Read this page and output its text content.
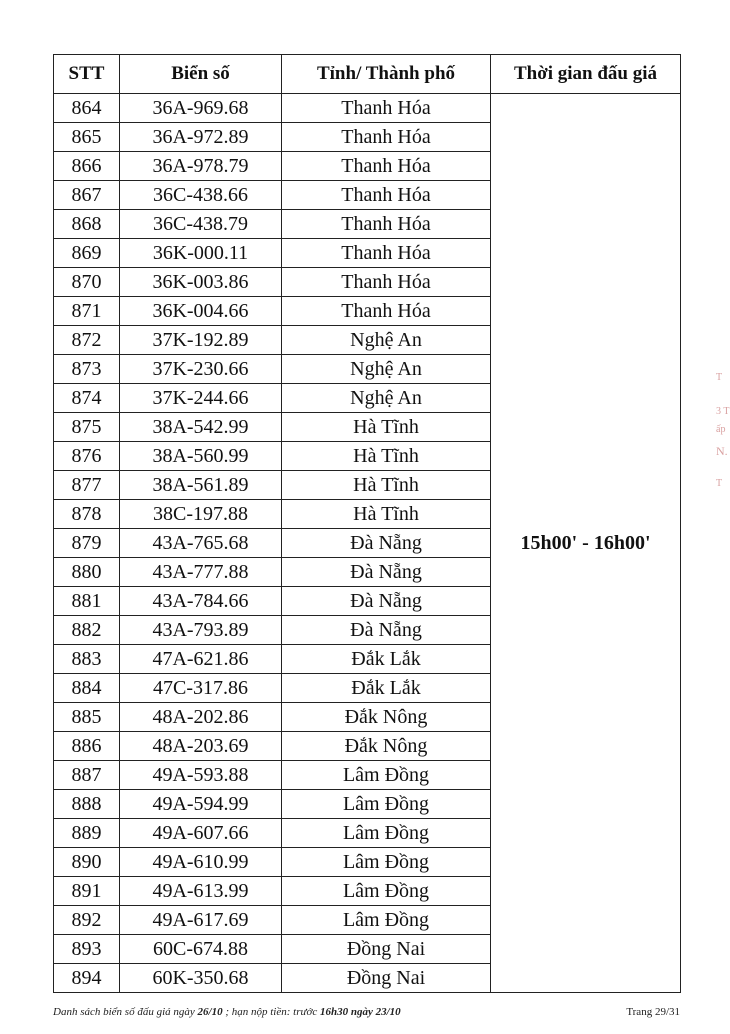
STT	Biển số	Tỉnh/ Thành phố	Thời gian đấu giá
864	36A-969.68	Thanh Hóa	15h00' - 16h00'
865	36A-972.89	Thanh Hóa	
866	36A-978.79	Thanh Hóa	
867	36C-438.66	Thanh Hóa	
868	36C-438.79	Thanh Hóa	
869	36K-000.11	Thanh Hóa	
870	36K-003.86	Thanh Hóa	
871	36K-004.66	Thanh Hóa	
872	37K-192.89	Nghệ An	
873	37K-230.66	Nghệ An	
874	37K-244.66	Nghệ An	
875	38A-542.99	Hà Tĩnh	
876	38A-560.99	Hà Tĩnh	
877	38A-561.89	Hà Tĩnh	
878	38C-197.88	Hà Tĩnh	
879	43A-765.68	Đà Nẵng	
880	43A-777.88	Đà Nẵng	
881	43A-784.66	Đà Nẵng	
882	43A-793.89	Đà Nẵng	
883	47A-621.86	Đắk Lắk	
884	47C-317.86	Đắk Lắk	
885	48A-202.86	Đắk Nông	
886	48A-203.69	Đắk Nông	
887	49A-593.88	Lâm Đồng	
888	49A-594.99	Lâm Đồng	
889	49A-607.66	Lâm Đồng	
890	49A-610.99	Lâm Đồng	
891	49A-613.99	Lâm Đồng	
892	49A-617.69	Lâm Đồng	
893	60C-674.88	Đồng Nai	
894	60K-350.68	Đồng Nai	
Danh sách biển số đấu giá ngày 26/10 ; hạn nộp tiền: trước 16h30 ngày 23/10	Trang 29/31
T
3 T
ấp
N.
T
